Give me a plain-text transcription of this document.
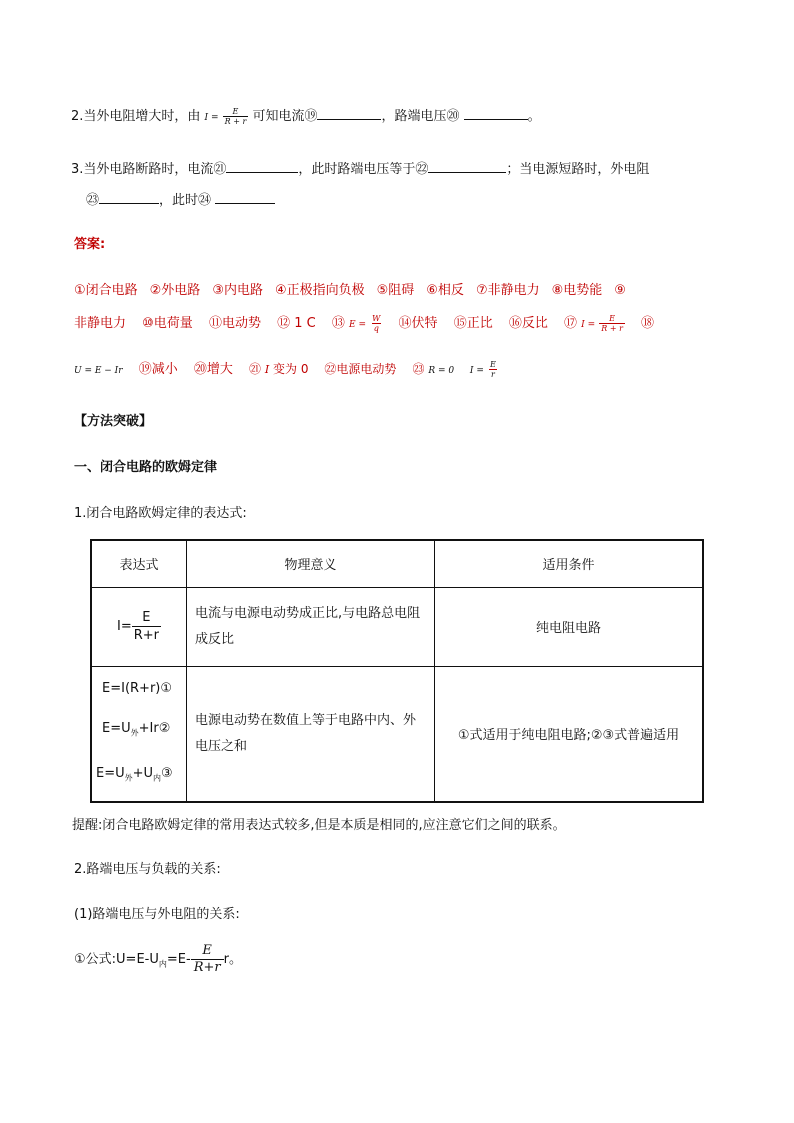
2.当外电阻增大时，由 $I = \frac{E}{R + r}$ 可知电流⑲	，路端电压⑳	。
3.当外电路断路时，电流㉑	，此时路端电压等于㉒	；当电源短路时，外电阻
㉓	，此时㉔
答案:
①闭合电路 ②外电路 ③内电路 ④正极指向负极 ⑤阻碍 ⑥相反 ⑦非静电力 ⑧电势能 ⑨
非静电力 ⑩电荷量 ⑪电动势 ⑫ 1 C ⑬ $E = \frac{W}{q}$ ⑭伏特 ⑮正比 ⑯反比 ⑰ $I = \frac{E}{R + r}$ ⑱
U = E − Ir ⑲减小 ⑳增大 ㉑ I 变为 0 ㉒电源电动势 ㉓ R = 0 $I = \frac{E}{r}$
【方法突破】
一、闭合电路的欧姆定律
1.闭合电路欧姆定律的表达式:
表达式	物理意义	适用条件
$I= \frac{E}{R+r}$	电流与电源电动势成正比,与电路总电阻成反比	纯电阻电路

E=I(R+r)①
$E=U_外+Ir②$
$E=U_外+U_内③$	电源电动势在数值上等于电路中内、外电压之和	①式适用于纯电阻电路;②③式普遍适用
提醒:闭合电路欧姆定律的常用表达式较多,但是本质是相同的,应注意它们之间的联系。
2.路端电压与负载的关系:
(1)路端电压与外电阻的关系:
①公式$:U=E-U_内=E- \frac{E}{R+r}$ r。
